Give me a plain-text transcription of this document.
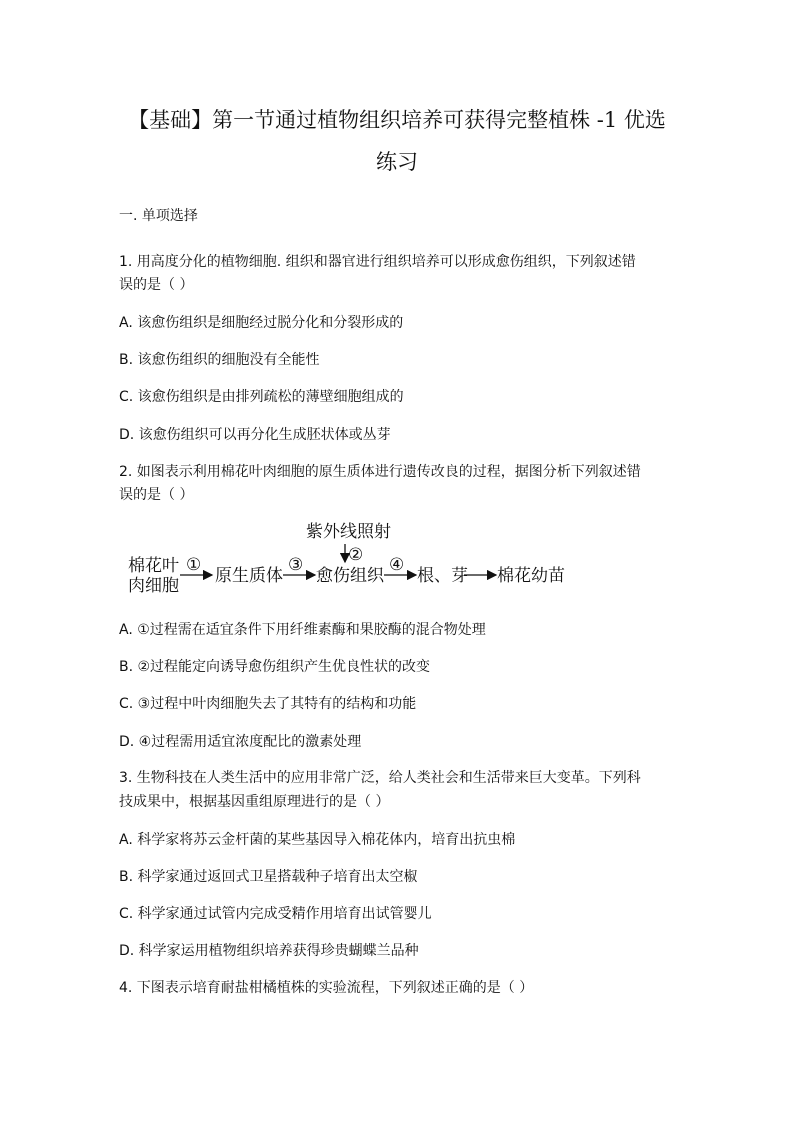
【基础】第一节通过植物组织培养可获得完整植株 -1 优选
练习
一. 单项选择
1. 用高度分化的植物细胞. 组织和器官进行组织培养可以形成愈伤组织，下列叙述错
误的是（ ）
A. 该愈伤组织是细胞经过脱分化和分裂形成的
B. 该愈伤组织的细胞没有全能性
C. 该愈伤组织是由排列疏松的薄壁细胞组成的
D. 该愈伤组织可以再分化生成胚状体或丛芽
2. 如图表示利用棉花叶肉细胞的原生质体进行遗传改良的过程，据图分析下列叙述错
误的是（ ）
棉花叶
肉细胞
①
原生质体
③
愈伤组织
紫外线照射
② ④
根、芽 棉花幼苗
A. ①过程需在适宜条件下用纤维素酶和果胶酶的混合物处理
B. ②过程能定向诱导愈伤组织产生优良性状的改变
C. ③过程中叶肉细胞失去了其特有的结构和功能
D. ④过程需用适宜浓度配比的激素处理
3. 生物科技在人类生活中的应用非常广泛，给人类社会和生活带来巨大变革。下列科
技成果中，根据基因重组原理进行的是（ ）
A. 科学家将苏云金杆菌的某些基因导入棉花体内，培育出抗虫棉
B. 科学家通过返回式卫星搭载种子培育出太空椒
C. 科学家通过试管内完成受精作用培育出试管婴儿
D. 科学家运用植物组织培养获得珍贵蝴蝶兰品种
4. 下图表示培育耐盐柑橘植株的实验流程，下列叙述正确的是（ ）
